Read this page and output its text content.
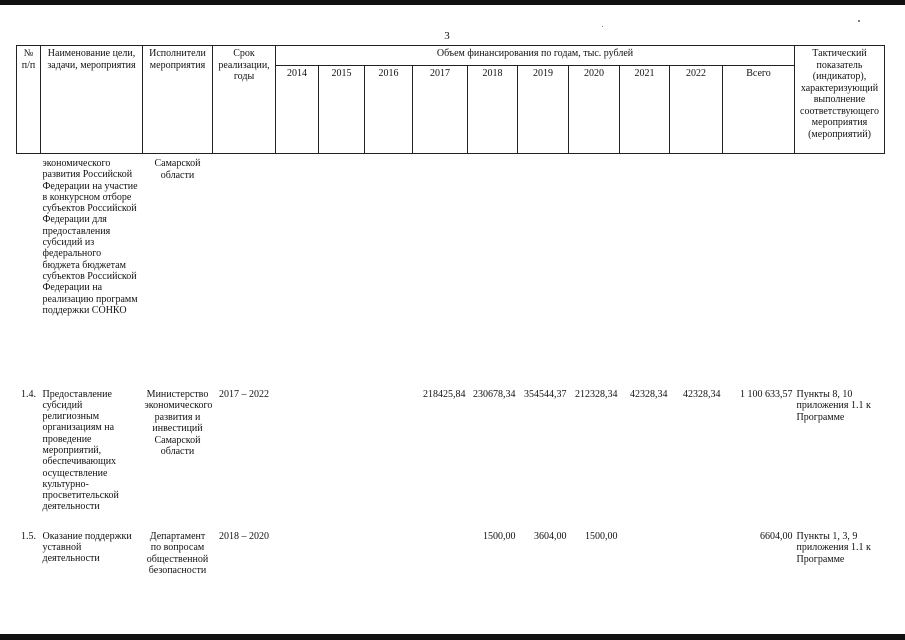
3
№ п/п	Наименование цели, задачи, мероприятия	Исполнители мероприятия	Срок реализации, годы	Объем финансирования по годам, тыс. рублей										Тактический показатель (индикатор), характеризующий выполнение соответствующего мероприятия (мероприятий)
				2014	2015	2016	2017	2018	2019	2020	2021	2022	Всего	
	экономического развития Российской Федерации на участие в конкурсном отборе субъектов Российской Федерации для предоставления субсидий из федерального бюджета бюджетам субъектов Российской Федерации на реализацию программ поддержки СОНКО	Самарской области												
1.4.	Предоставление субсидий религиозным организациям на проведение мероприятий, обеспечивающих осуществление культурно-просветительской деятельности	Министерство экономического развития и инвестиций Самарской области	2017 – 2022				218425,84	230678,34	354544,37	212328,34	42328,34	42328,34	1 100 633,57	Пункты 8, 10 приложения 1.1 к Программе
1.5.	Оказание поддержки уставной деятельности	Департамент по вопросам общественной безопасности	2018 – 2020					1500,00	3604,00	1500,00			6604,00	Пункты 1, 3, 9 приложения 1.1 к Программе
